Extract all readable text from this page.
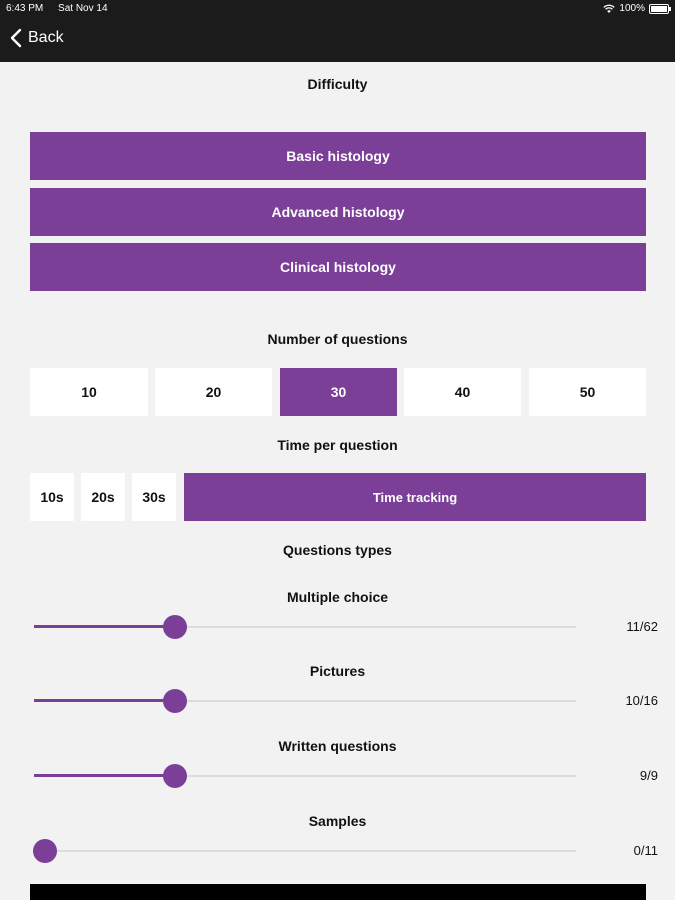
6:43 PM Sat Nov 14	100%
Back
Difficulty
Basic histology
Advanced histology
Clinical histology
Number of questions
10	20	30	40	50
Time per question
10s	20s	30s	Time tracking
Questions types
Multiple choice
11/62
Pictures
10/16
Written questions
9/9
Samples
0/11
